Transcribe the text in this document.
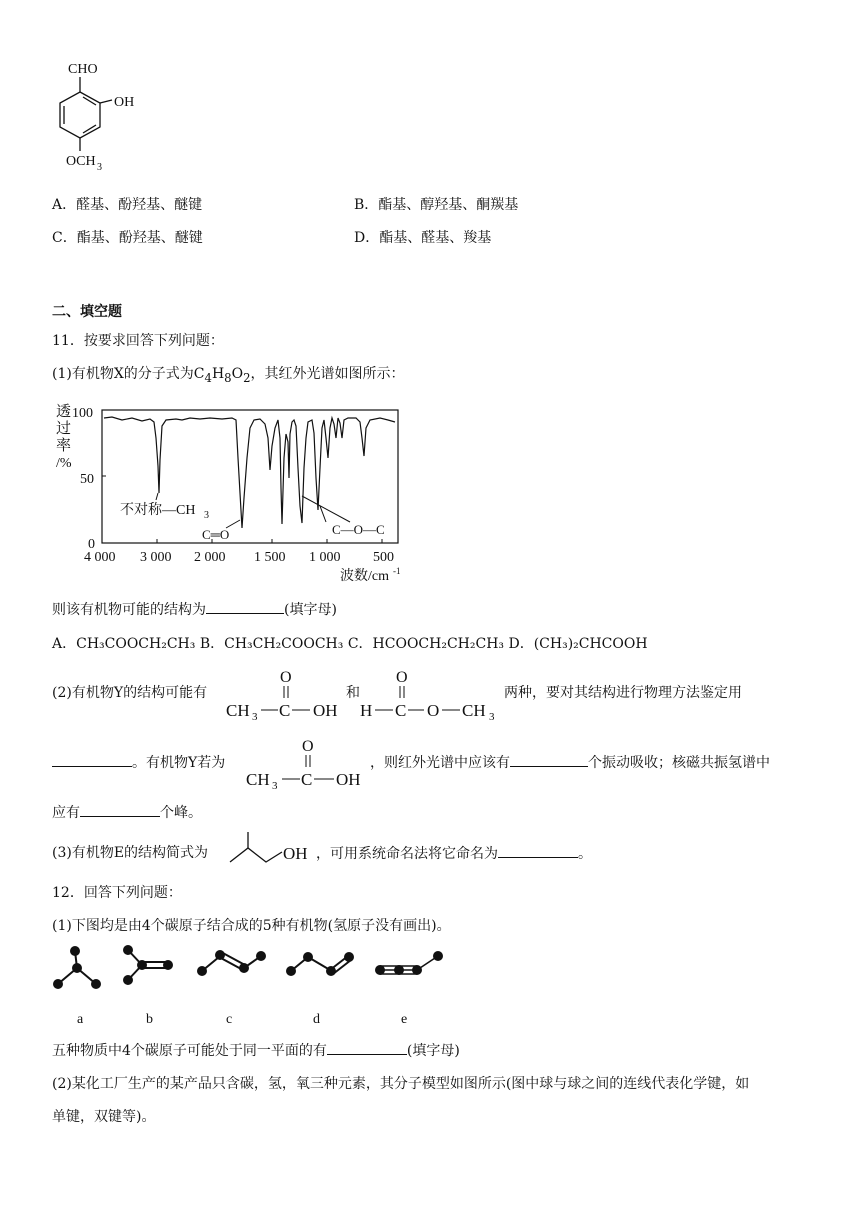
CHO
OH
OCH 3
A．醛基、酚羟基、醚键	B．酯基、醇羟基、酮羰基
C．酯基、酚羟基、醚键	D．酯基、醛基、羧基
二、填空题
11．按要求回答下列问题：
(1)有机物X的分子式为$C_4H_8O_2$，其红外光谱如图所示：
透
过
率
/%
100
50
0
4 000 3 000 2 000 1 500 1 000 500
波数/cm -1
不对称—CH 3
C═O	C—O—C
则该有机物可能的结构为	(填字母)
A．CH₃COOCH₂CH₃ B．CH₃CH₂COOCH₃ C．HCOOCH₂CH₂CH₃ D．(CH₃)₂CHCOOH
(2)有机物Y的结构可能有
O
CH 3 C OH
和
O
H C O CH 3
两种，要对其结构进行物理方法鉴定用
。有机物Y若为
O
CH 3 C OH
，则红外光谱中应该有	个振动吸收；核磁共振氢谱中
应有	个峰。
(3)有机物E的结构简式为	OH ，可用系统命名法将它命名为	。
12．回答下列问题：
(1)下图均是由4个碳原子结合成的5种有机物(氢原子没有画出)。
a	b	c	d	e
五种物质中4个碳原子可能处于同一平面的有	(填字母)
(2)某化工厂生产的某产品只含碳，氢，氧三种元素，其分子模型如图所示(图中球与球之间的连线代表化学键，如
单键，双键等)。
